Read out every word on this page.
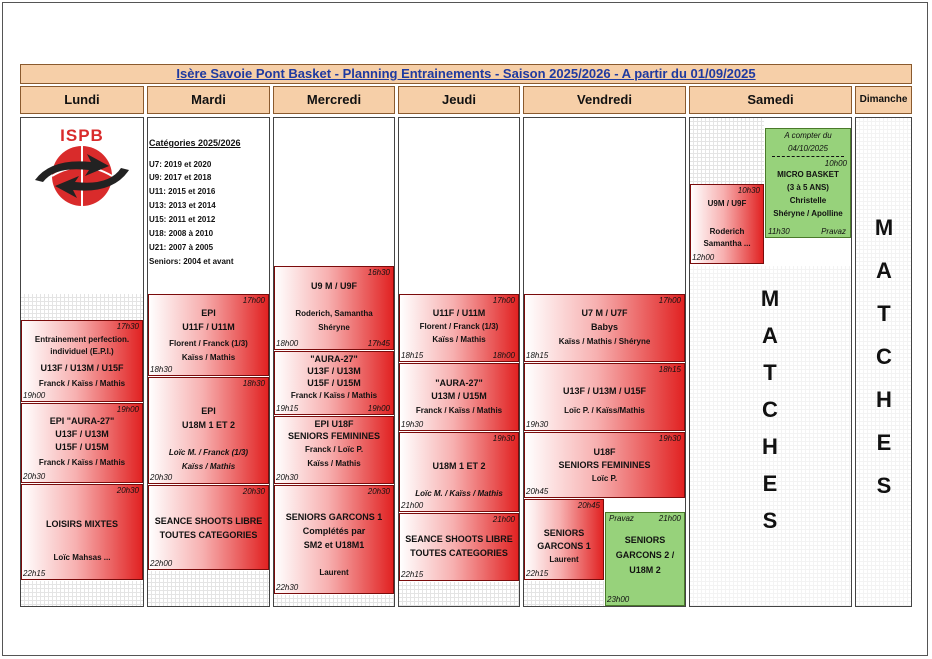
Isère Savoie Pont Basket - Planning Entrainements - Saison 2025/2026 - A partir du 01/09/2025
Lundi	Mardi	Mercredi	Jeudi	Vendredi	Samedi	Dimanche
ISPB
17h30
Entrainement perfection.
individuel (E.P.I.)
U13F / U13M / U15F
Franck / Kaïss / Mathis
19h00
19h00
EPI "AURA-27"
U13F / U13M
U15F / U15M
Franck / Kaïss / Mathis
20h30
20h30
LOISIRS MIXTES
Loïc Mahsas ...
22h15
Catégories 2025/2026
U7: 2019 et 2020
U9: 2017 et 2018
U11: 2015 et 2016
U13: 2013 et 2014
U15: 2011 et 2012
U18: 2008 à 2010
U21: 2007 à 2005
Seniors: 2004 et avant
17h00
EPI
U11F / U11M
Florent / Franck (1/3)
Kaïss / Mathis
18h30
18h30
EPI
U18M 1 ET 2
Loïc M. / Franck (1/3)
Kaïss / Mathis
20h30
20h30
SEANCE SHOOTS LIBRE
TOUTES CATEGORIES
22h00
16h30
U9 M / U9F
Roderich, Samantha
Shéryne
18h00	17h45
"AURA-27"
U13F / U13M
U15F / U15M
Franck / Kaïss / Mathis
19h15	19h00
EPI U18F
SENIORS FEMININES
Franck / Loïc P.
Kaïss / Mathis
20h30
20h30
SENIORS GARCONS 1
Complétés par
SM2 et U18M1
Laurent
22h30
17h00
U11F / U11M
Florent / Franck (1/3)
Kaïss / Mathis
18h15	18h00
"AURA-27"
U13M / U15M
Franck / Kaïss / Mathis
19h30
19h30
U18M 1 ET 2
Loïc M. / Kaïss / Mathis
21h00
21h00
SEANCE SHOOTS LIBRE
TOUTES CATEGORIES
22h15
17h00
U7 M / U7F
Babys
Kaïss / Mathis / Shéryne
18h15
18h15
U13F / U13M / U15F
Loïc P. / Kaïss/Mathis
19h30
19h30
U18F
SENIORS FEMININES
Loïc P.
20h45
20h45
SENIORS
GARCONS 1
Laurent
22h15
Pravaz	21h00
SENIORS
GARCONS 2 /
U18M 2
23h00
10h30
U9M / U9F
Roderich
Samantha ...
12h00
A compter du
04/10/2025
10h00
MICRO BASKET
(3 à 5 ANS)
Christelle
Shéryne / Apolline
11h30	Pravaz
M
A
T
C
H
E
S
M
A
T
C
H
E
S
